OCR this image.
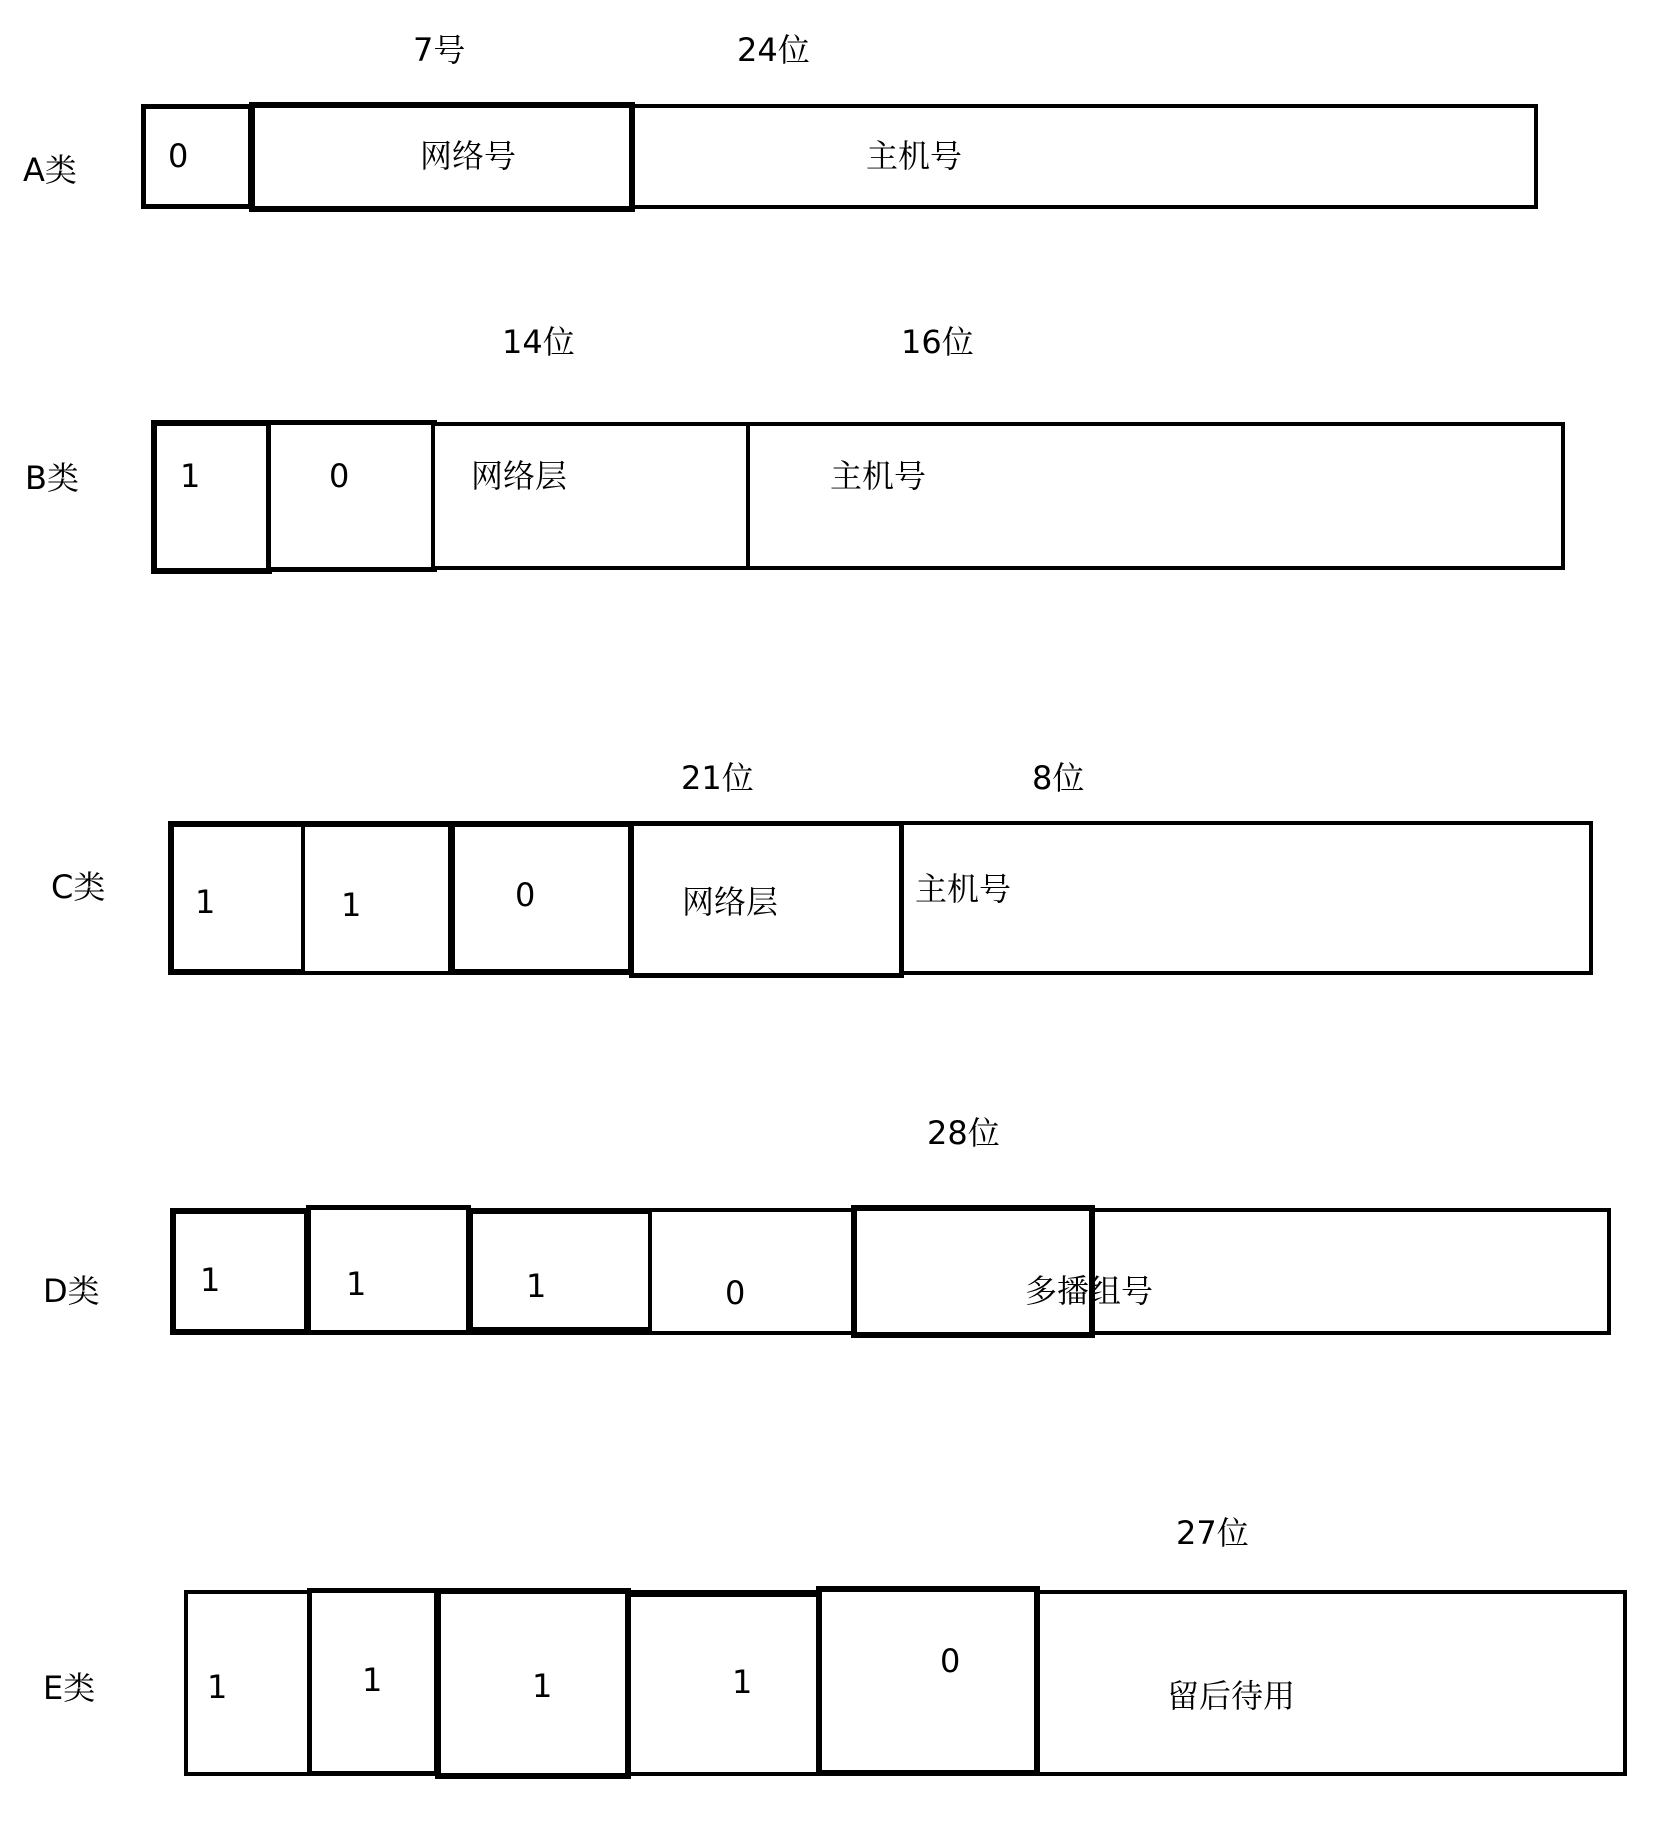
A类
7号	24位
0	网络号	主机号
B类
14位	16位
1	0	网络层	主机号
C类
21位	8位
1	1	0	网络层	主机号
D类
28位
1	1	1	0	多播组号
E类
27位
1	1	1	1
0
留后待用
